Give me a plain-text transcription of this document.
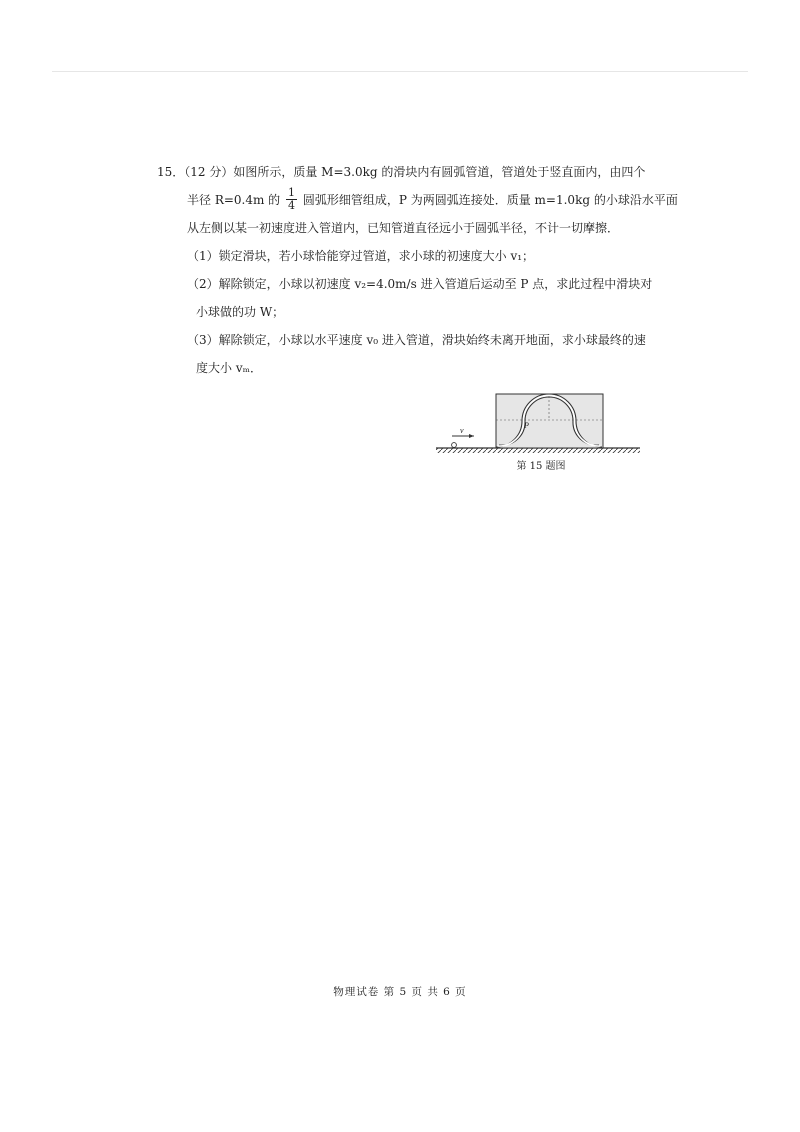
15．（12 分）如图所示，质量 M=3.0kg 的滑块内有圆弧管道，管道处于竖直面内，由四个
半径 R=0.4m 的 $\frac{1}{4}$ 圆弧形细管组成，P 为两圆弧连接处．质量 m=1.0kg 的小球沿水平面
从左侧以某一初速度进入管道内，已知管道直径远小于圆弧半径，不计一切摩擦．
（1）锁定滑块，若小球恰能穿过管道，求小球的初速度大小 v₁；
（2）解除锁定，小球以初速度 v₂=4.0m/s 进入管道后运动至 P 点，求此过程中滑块对
小球做的功 W；
（3）解除锁定，小球以水平速度 v₀ 进入管道，滑块始终未离开地面，求小球最终的速
度大小 vₘ．
P
v
第 15 题图
物理试卷 第 5 页 共 6 页
